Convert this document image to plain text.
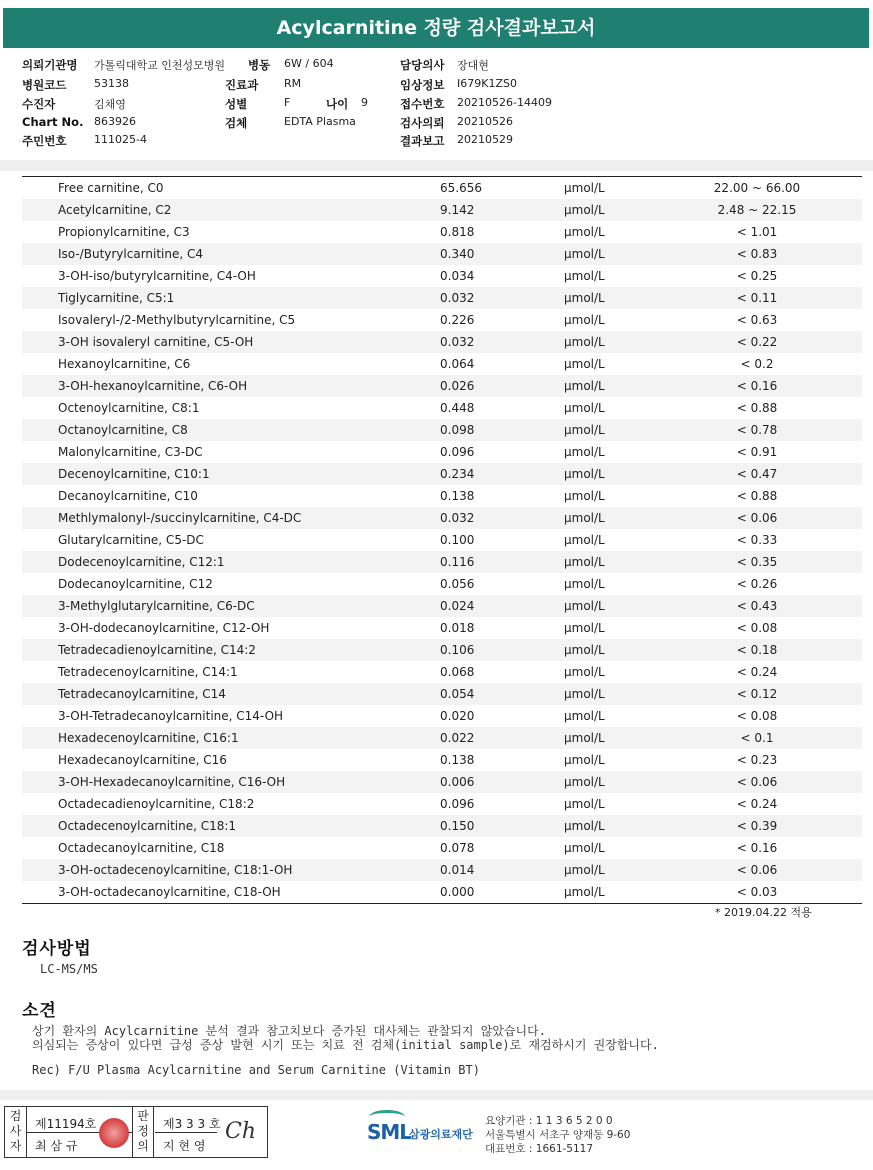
Acylcarnitine 정량 검사결과보고서
의뢰기관명 가톨릭대학교 인천성모병원 병동 6W / 604	담당의사 장대현
병원코드	53138	진료과 RM	임상정보 I679K1ZS0
수진자	김채영	성별	F	나이 9	접수번호 20210526-14409
Chart No. 863926	검체	EDTA Plasma	검사의뢰 20210526
주민번호	111025-4	결과보고 20210529
Free carnitine, C0	65.656	μmol/L	22.00 ~ 66.00
Acetylcarnitine, C2	9.142	μmol/L	2.48 ~ 22.15
Propionylcarnitine, C3	0.818	μmol/L	< 1.01
Iso-/Butyrylcarnitine, C4	0.340	μmol/L	< 0.83
3-OH-iso/butyrylcarnitine, C4-OH	0.034	μmol/L	< 0.25
Tiglycarnitine, C5:1	0.032	μmol/L	< 0.11
Isovaleryl-/2-Methylbutyrylcarnitine, C5	0.226	μmol/L	< 0.63
3-OH isovaleryl carnitine, C5-OH	0.032	μmol/L	< 0.22
Hexanoylcarnitine, C6	0.064	μmol/L	< 0.2
3-OH-hexanoylcarnitine, C6-OH	0.026	μmol/L	< 0.16
Octenoylcarnitine, C8:1	0.448	μmol/L	< 0.88
Octanoylcarnitine, C8	0.098	μmol/L	< 0.78
Malonylcarnitine, C3-DC	0.096	μmol/L	< 0.91
Decenoylcarnitine, C10:1	0.234	μmol/L	< 0.47
Decanoylcarnitine, C10	0.138	μmol/L	< 0.88
Methlymalonyl-/succinylcarnitine, C4-DC	0.032	μmol/L	< 0.06
Glutarylcarnitine, C5-DC	0.100	μmol/L	< 0.33
Dodecenoylcarnitine, C12:1	0.116	μmol/L	< 0.35
Dodecanoylcarnitine, C12	0.056	μmol/L	< 0.26
3-Methylglutarylcarnitine, C6-DC	0.024	μmol/L	< 0.43
3-OH-dodecanoylcarnitine, C12-OH	0.018	μmol/L	< 0.08
Tetradecadienoylcarnitine, C14:2	0.106	μmol/L	< 0.18
Tetradecenoylcarnitine, C14:1	0.068	μmol/L	< 0.24
Tetradecanoylcarnitine, C14	0.054	μmol/L	< 0.12
3-OH-Tetradecanoylcarnitine, C14-OH	0.020	μmol/L	< 0.08
Hexadecenoylcarnitine, C16:1	0.022	μmol/L	< 0.1
Hexadecanoylcarnitine, C16	0.138	μmol/L	< 0.23
3-OH-Hexadecanoylcarnitine, C16-OH	0.006	μmol/L	< 0.06
Octadecadienoylcarnitine, C18:2	0.096	μmol/L	< 0.24
Octadecenoylcarnitine, C18:1	0.150	μmol/L	< 0.39
Octadecanoylcarnitine, C18	0.078	μmol/L	< 0.16
3-OH-octadecenoylcarnitine, C18:1-OH	0.014	μmol/L	< 0.06
3-OH-octadecanoylcarnitine, C18-OH	0.000	μmol/L	< 0.03
* 2019.04.22 적용
검사방법
LC-MS/MS
소견
상기 환자의 Acylcarnitine 분석 결과 참고치보다 증가된 대사체는 관찰되지 않았습니다.
의심되는 증상이 있다면 급성 증상 발현 시기 또는 치료 전 검체(initial sample)로 재검하시기 권장합니다.
Rec) F/U Plasma Acylcarnitine and Serum Carnitine (Vitamin BT)
검
사
자
제11194호
최 삼 규
판
정
의
제3 3 3 호
지 현 영
Ch	SML
삼광의료재단
요양기관 : 1 1 3 6 5 2 0 0
서울특별시 서초구 양재동 9-60
대표번호 : 1661-5117
